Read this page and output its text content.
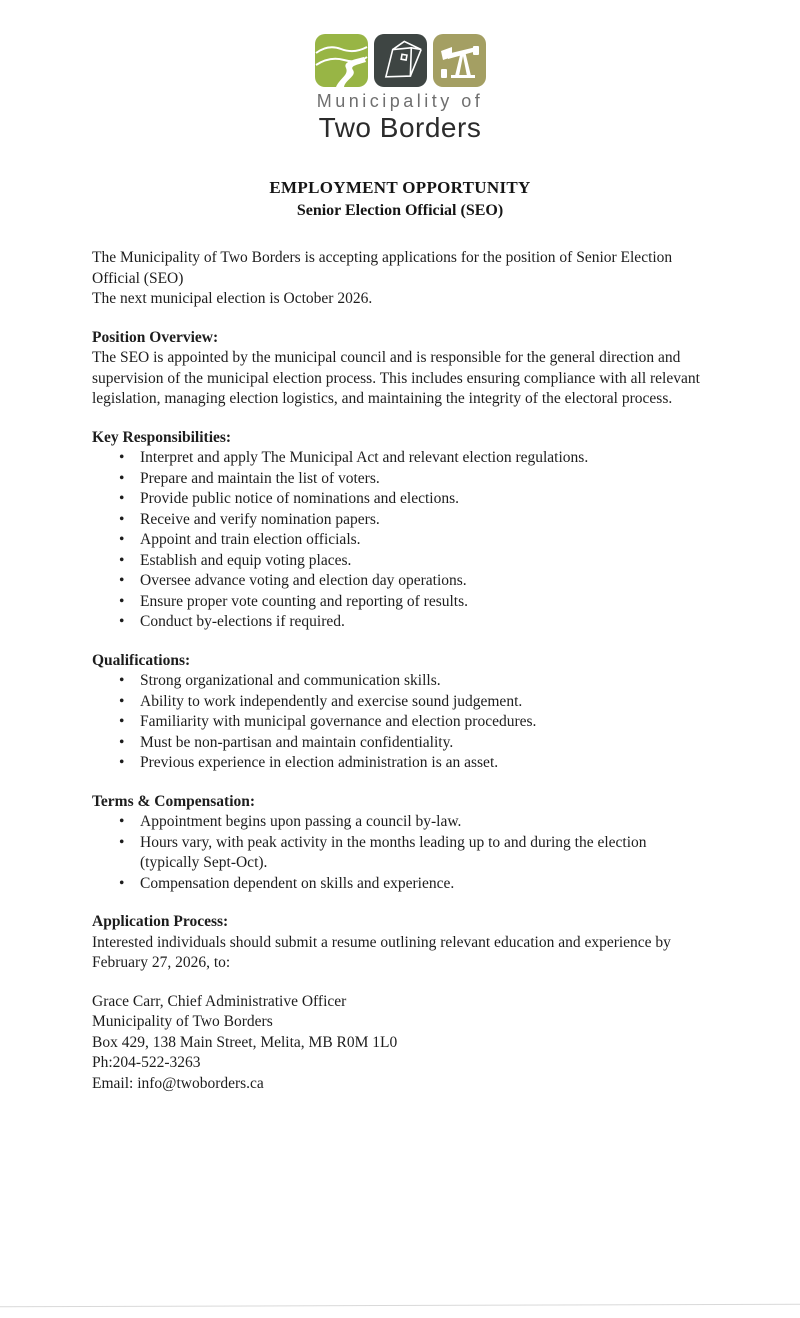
Municipality of
Two Borders
EMPLOYMENT OPPORTUNITY
Senior Election Official (SEO)
The Municipality of Two Borders is accepting applications for the position of Senior Election Official (SEO)
The next municipal election is October 2026.
Position Overview:
The SEO is appointed by the municipal council and is responsible for the general direction and supervision of the municipal election process. This includes ensuring compliance with all relevant legislation, managing election logistics, and maintaining the integrity of the electoral process.
Key Responsibilities:
• Interpret and apply The Municipal Act and relevant election regulations.
• Prepare and maintain the list of voters.
• Provide public notice of nominations and elections.
• Receive and verify nomination papers.
• Appoint and train election officials.
• Establish and equip voting places.
• Oversee advance voting and election day operations.
• Ensure proper vote counting and reporting of results.
• Conduct by-elections if required.
Qualifications:
• Strong organizational and communication skills.
• Ability to work independently and exercise sound judgement.
• Familiarity with municipal governance and election procedures.
• Must be non-partisan and maintain confidentiality.
• Previous experience in election administration is an asset.
Terms & Compensation:
• Appointment begins upon passing a council by-law.
• Hours vary, with peak activity in the months leading up to and during the election (typically Sept-Oct).
• Compensation dependent on skills and experience.
Application Process:
Interested individuals should submit a resume outlining relevant education and experience by February 27, 2026, to:
Grace Carr, Chief Administrative Officer
Municipality of Two Borders
Box 429, 138 Main Street, Melita, MB R0M 1L0
Ph:204-522-3263
Email: info@twoborders.ca
